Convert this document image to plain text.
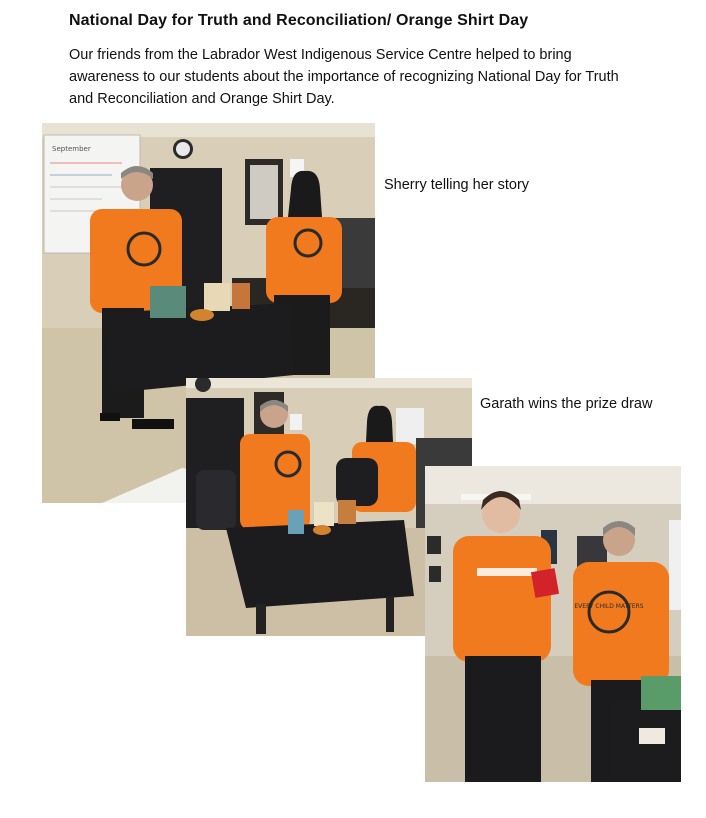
National Day for Truth and Reconciliation/ Orange Shirt Day

Our friends from the Labrador West Indigenous Service Centre helped to bring awareness to our students about the importance of recognizing National Day for Truth and Reconciliation and Orange Shirt Day.

September

Sherry telling her story

Garath wins the prize draw

EVERY CHILD MATTERS
